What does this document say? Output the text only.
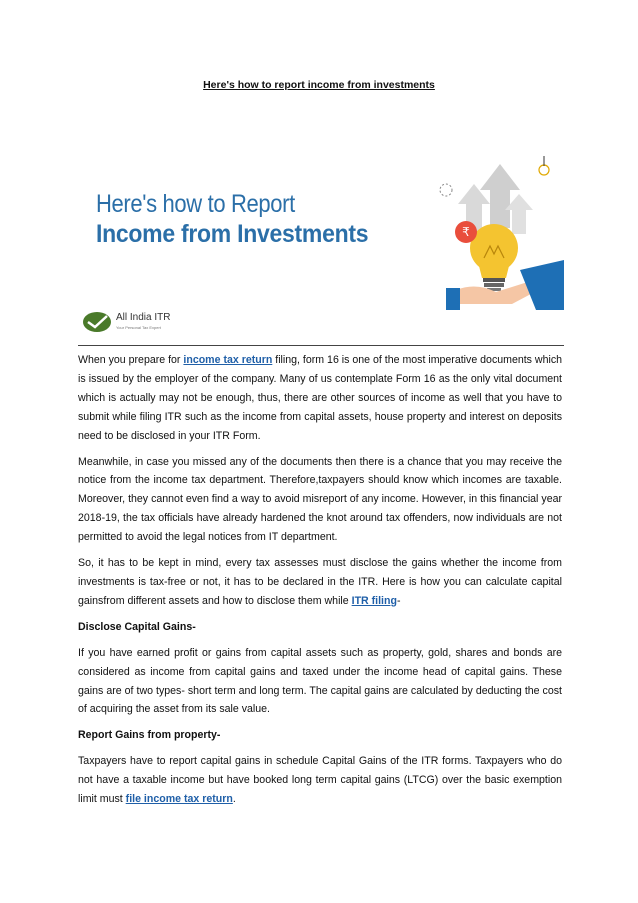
Here's how to report income from investments
Here's how to Report
Income from Investments	₹
All India ITR
Your Personal Tax Expert

When you prepare for income tax return filing, form 16 is one of the most imperative documents which is issued by the employer of the company. Many of us contemplate Form 16 as the only vital document which is actually may not be enough, thus, there are other sources of income as well that you have to submit while filing ITR such as the income from capital assets, house property and interest on deposits need to be disclosed in your ITR Form.

Meanwhile, in case you missed any of the documents then there is a chance that you may receive the notice from the income tax department. Therefore,taxpayers should know which incomes are taxable. Moreover, they cannot even find a way to avoid misreport of any income. However, in this financial year 2018-19, the tax officials have already hardened the knot around tax offenders, now individuals are not permitted to avoid the legal notices from IT department.

So, it has to be kept in mind, every tax assesses must disclose the gains whether the income from investments is tax-free or not, it has to be declared in the ITR. Here is how you can calculate capital gainsfrom different assets and how to disclose them while ITR filing-

Disclose Capital Gains-

If you have earned profit or gains from capital assets such as property, gold, shares and bonds are considered as income from capital gains and taxed under the income head of capital gains. These gains are of two types- short term and long term. The capital gains are calculated by deducting the cost of acquiring the asset from its sale value.

Report Gains from property-

Taxpayers have to report capital gains in schedule Capital Gains of the ITR forms. Taxpayers who do not have a taxable income but have booked long term capital gains (LTCG) over the basic exemption limit must file income tax return.
